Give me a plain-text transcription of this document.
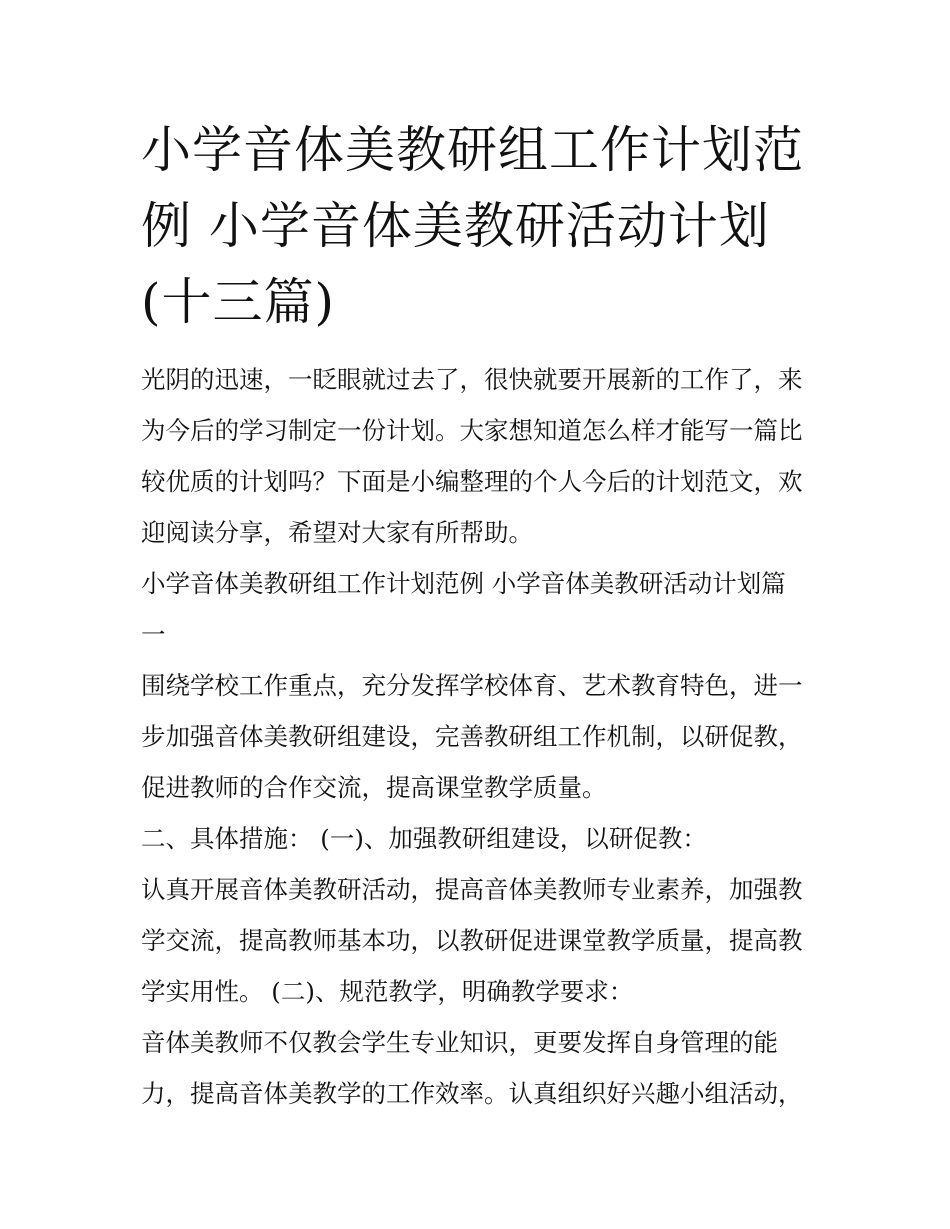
小学音体美教研组工作计划范
例 小学音体美教研活动计划
(十三篇)

光阴的迅速，一眨眼就过去了，很快就要开展新的工作了，来
为今后的学习制定一份计划。大家想知道怎么样才能写一篇比
较优质的计划吗？下面是小编整理的个人今后的计划范文，欢
迎阅读分享，希望对大家有所帮助。

小学音体美教研组工作计划范例 小学音体美教研活动计划篇
一

围绕学校工作重点，充分发挥学校体育、艺术教育特色，进一
步加强音体美教研组建设，完善教研组工作机制，以研促教，
促进教师的合作交流，提高课堂教学质量。

二、具体措施： (一)、加强教研组建设，以研促教：

认真开展音体美教研活动，提高音体美教师专业素养，加强教
学交流，提高教师基本功，以教研促进课堂教学质量，提高教
学实用性。 (二)、规范教学，明确教学要求：

音体美教师不仅教会学生专业知识，更要发挥自身管理的能
力，提高音体美教学的工作效率。认真组织好兴趣小组活动，
